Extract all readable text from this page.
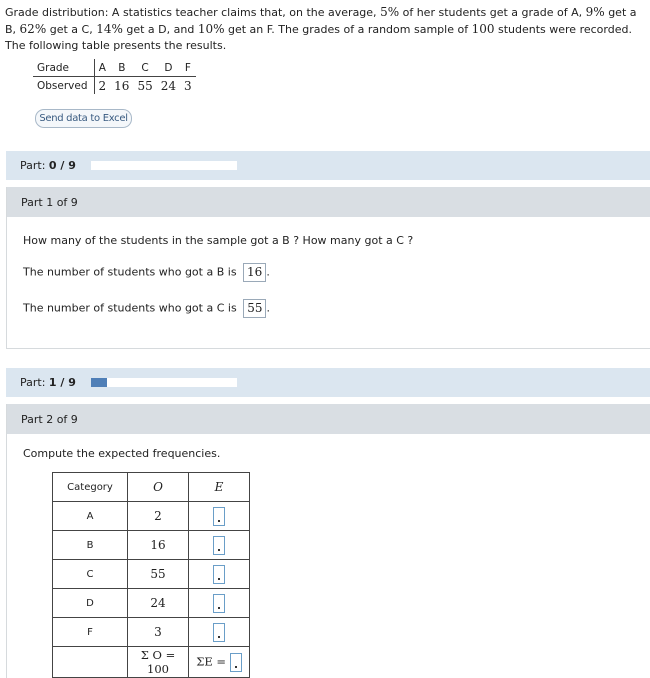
Grade distribution: A statistics teacher claims that, on the average, 5% of her students get a grade of A, 9% get a B, 62% get a C, 14% get a D, and 10% get an F. The grades of a random sample of 100 students were recorded. The following table presents the results.
Grade	A	B	C	D	F
Observed	2	16	55	24	3
Send data to Excel
Part: 0 / 9
Part 1 of 9
How many of the students in the sample got a B ? How many got a C ?
The number of students who got a B is 16 .
The number of students who got a C is 55 .
Part: 1 / 9
Part 2 of 9
Compute the expected frequencies.
Category	O	E
A	2	
B	16	
C	55	
D	24	
F	3	
	Σ O = 100	ΣE =
